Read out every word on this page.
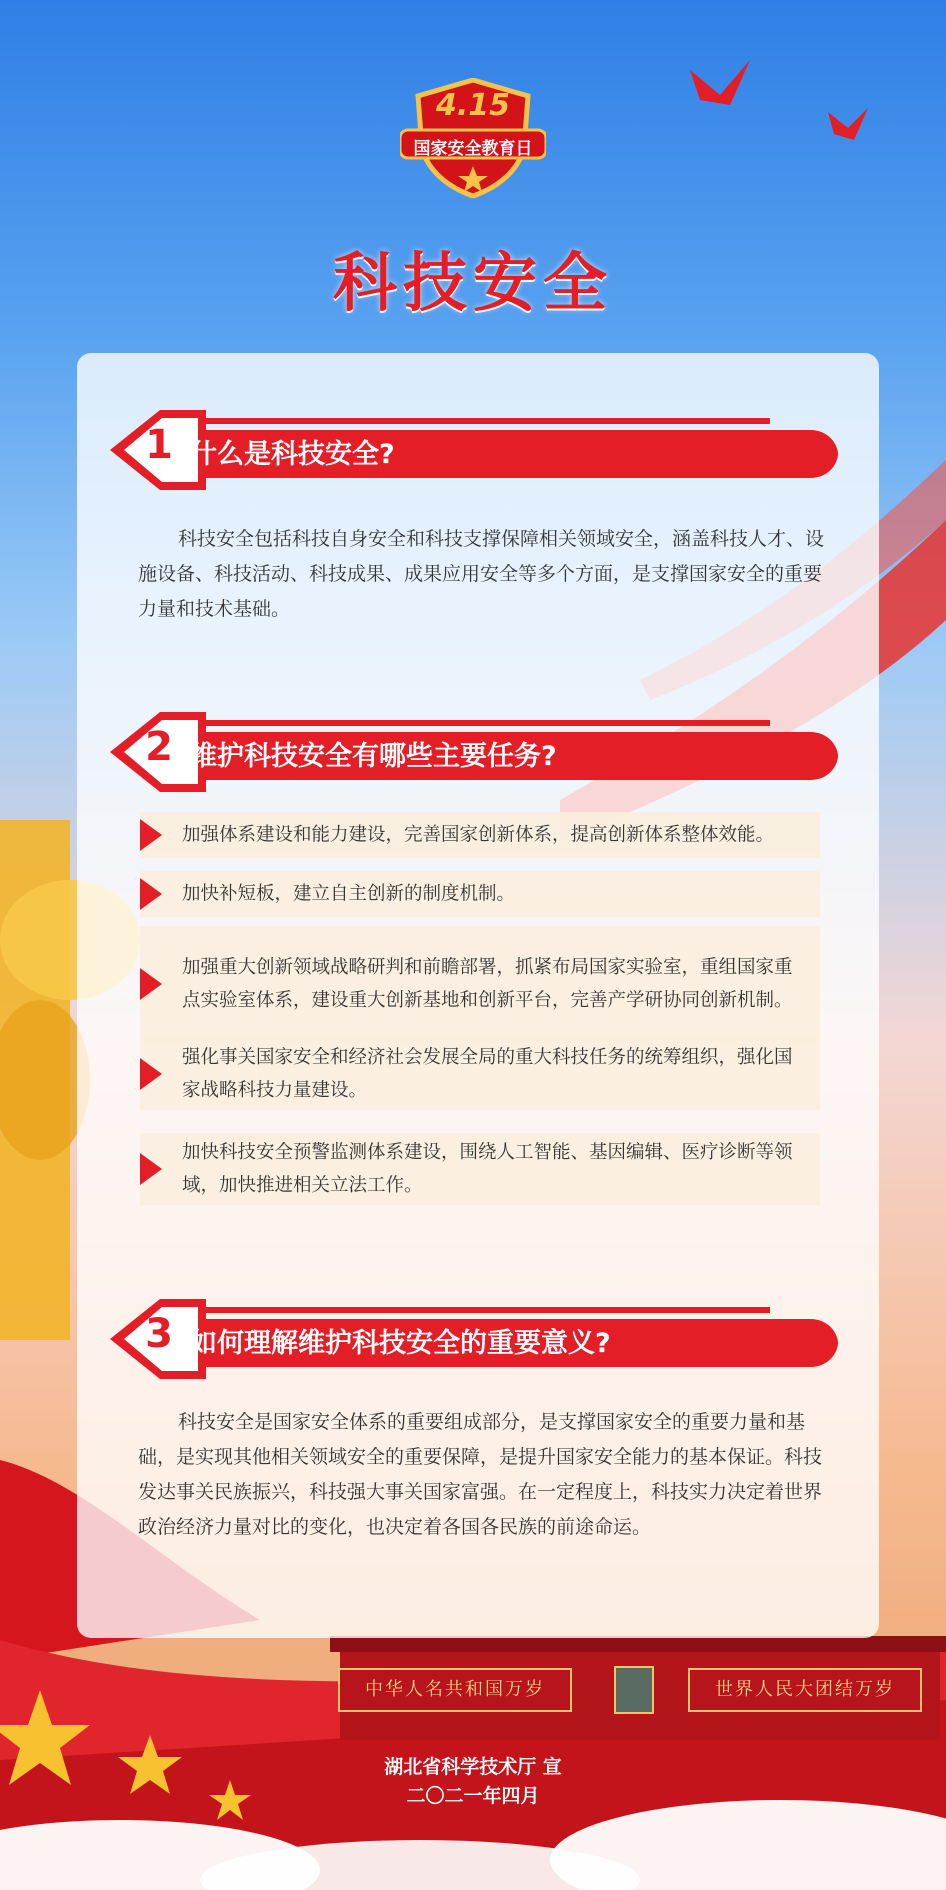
4.15
国家安全教育日
科技安全
1 什么是科技安全?
科技安全包括科技自身安全和科技支撑保障相关领域安全，涵盖科技人才、设施设备、科技活动、科技成果、成果应用安全等多个方面，是支撑国家安全的重要力量和技术基础。
2 维护科技安全有哪些主要任务?
加强体系建设和能力建设，完善国家创新体系，提高创新体系整体效能。
加快补短板，建立自主创新的制度机制。
加强重大创新领域战略研判和前瞻部署，抓紧布局国家实验室，重组国家重点实验室体系，建设重大创新基地和创新平台，完善产学研协同创新机制。
强化事关国家安全和经济社会发展全局的重大科技任务的统筹组织，强化国家战略科技力量建设。
加快科技安全预警监测体系建设，围绕人工智能、基因编辑、医疗诊断等领域，加快推进相关立法工作。
3 如何理解维护科技安全的重要意义?
科技安全是国家安全体系的重要组成部分，是支撑国家安全的重要力量和基础，是实现其他相关领域安全的重要保障，是提升国家安全能力的基本保证。科技发达事关民族振兴，科技强大事关国家富强。在一定程度上，科技实力决定着世界政治经济力量对比的变化，也决定着各国各民族的前途命运。
中华人名共和国万岁	世界人民大团结万岁
湖北省科学技术厅 宣
二〇二一年四月
